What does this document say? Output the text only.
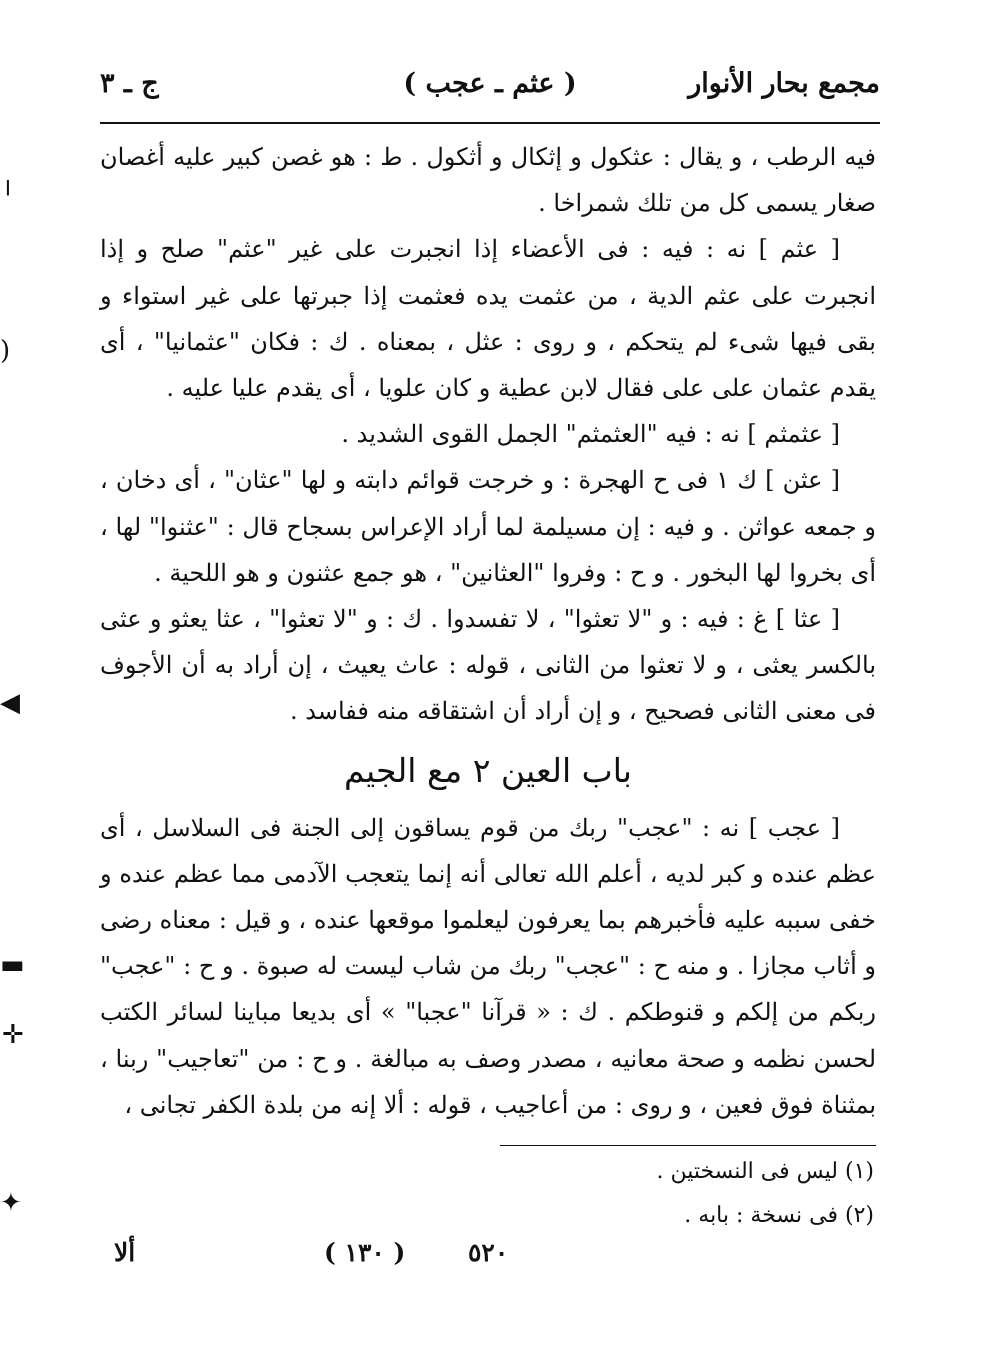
مجمع بحار الأنوار
( عثم ـ عجب )
ج ـ ٣

فيه الرطب ، و يقال : عثكول و إثكال و أثكول . ط : هو غصن كبير عليه أغصان صغار يسمى كل من تلك شمراخا .

[ عثم ] نه : فيه : فى الأعضاء إذا انجبرت على غير "عثم" صلح و إذا انجبرت على عثم الدية ، من عثمت يده فعثمت إذا جبرتها على غير استواء و بقى فيها شىء لم يتحكم ، و روى : عثل ، بمعناه . ك : فكان "عثمانيا" ، أى يقدم عثمان على على فقال لابن عطية و كان علويا ، أى يقدم عليا عليه .

[ عثمثم ] نه : فيه "العثمثم" الجمل القوى الشديد .

[ عثن ] ك ١ فى ح الهجرة : و خرجت قوائم دابته و لها "عثان" ، أى دخان ، و جمعه عواثن . و فيه : إن مسيلمة لما أراد الإعراس بسجاح قال : "عثنوا" لها ، أى بخروا لها البخور . و ح : وفروا "العثانين" ، هو جمع عثنون و هو اللحية .

[ عثا ] غ : فيه : و "لا تعثوا" ، لا تفسدوا . ك : و "لا تعثوا" ، عثا يعثو و عثى بالكسر يعثى ، و لا تعثوا من الثانى ، قوله : عاث يعيث ، إن أراد به أن الأجوف فى معنى الثانى فصحيح ، و إن أراد أن اشتقاقه منه ففاسد .

باب العين ٢ مع الجيم

[ عجب ] نه : "عجب" ربك من قوم يساقون إلى الجنة فى السلاسل ، أى عظم عنده و كبر لديه ، أعلم الله تعالى أنه إنما يتعجب الآدمى مما عظم عنده و خفى سببه عليه فأخبرهم بما يعرفون ليعلموا موقعها عنده ، و قيل : معناه رضى و أثاب مجازا . و منه ح : "عجب" ربك من شاب ليست له صبوة . و ح : "عجب" ربكم من إلكم و قنوطكم . ك : « قرآنا "عجبا" » أى بديعا مباينا لسائر الكتب لحسن نظمه و صحة معانيه ، مصدر وصف به مبالغة . و ح : من "تعاجيب" ربنا ، بمثناة فوق فعين ، و روى : من أعاجيب ، قوله : ألا إنه من بلدة الكفر تجانى ،

(١) ليس فى النسختين .

(٢) فى نسخة : بابه .

ألا	( ١٣٠ )	٥٢٠
╷
)
◀
▬
✛
✦
